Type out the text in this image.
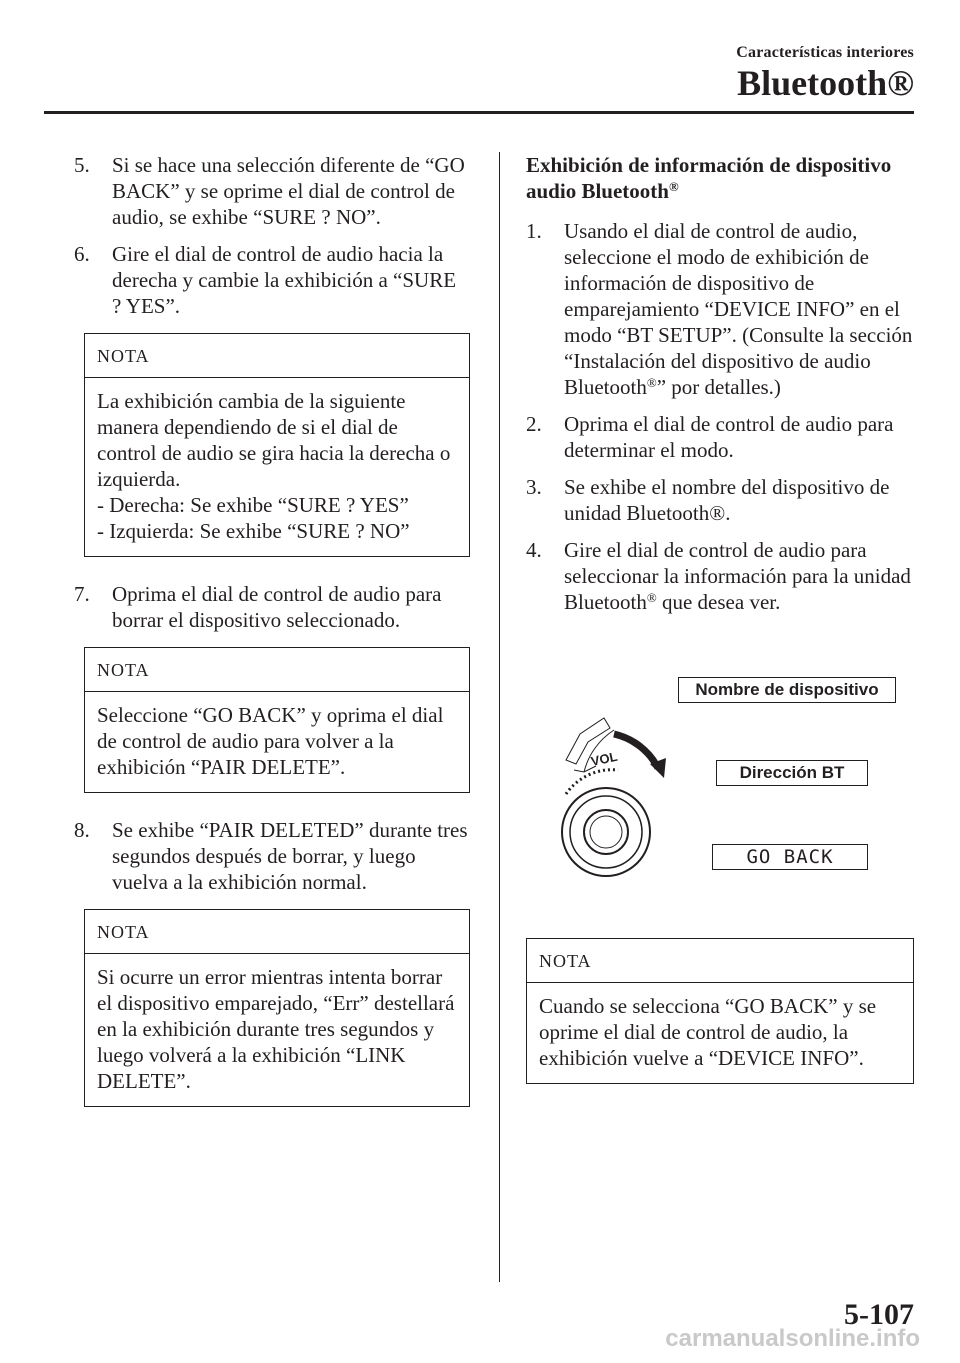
Características interiores
Bluetooth®
5. Si se hace una selección diferente de “GO BACK” y se oprime el dial de control de audio, se exhibe “SURE ? NO”.
6. Gire el dial de control de audio hacia la derecha y cambie la exhibición a “SURE ? YES”.
NOTA
La exhibición cambia de la siguiente manera dependiendo de si el dial de control de audio se gira hacia la derecha o izquierda.
- Derecha: Se exhibe “SURE ? YES”
- Izquierda: Se exhibe “SURE ? NO”
7. Oprima el dial de control de audio para borrar el dispositivo seleccionado.
NOTA
Seleccione “GO BACK” y oprima el dial de control de audio para volver a la exhibición “PAIR DELETE”.
8. Se exhibe “PAIR DELETED” durante tres segundos después de borrar, y luego vuelva a la exhibición normal.
NOTA
Si ocurre un error mientras intenta borrar el dispositivo emparejado, “Err” destellará en la exhibición durante tres segundos y luego volverá a la exhibición “LINK DELETE”.
Exhibición de información de dispositivo audio Bluetooth®
1. Usando el dial de control de audio, seleccione el modo de exhibición de información de dispositivo de emparejamiento “DEVICE INFO” en el modo “BT SETUP”. (Consulte la sección “Instalación del dispositivo de audio Bluetooth®” por detalles.)
2. Oprima el dial de control de audio para determinar el modo.
3. Se exhibe el nombre del dispositivo de unidad Bluetooth®.
4. Gire el dial de control de audio para seleccionar la información para la unidad Bluetooth® que desea ver.
VOL
Nombre de dispositivo
Dirección BT
GO BACK
NOTA
Cuando se selecciona “GO BACK” y se oprime el dial de control de audio, la exhibición vuelve a “DEVICE INFO”.
5-107
carmanualsonline.info
